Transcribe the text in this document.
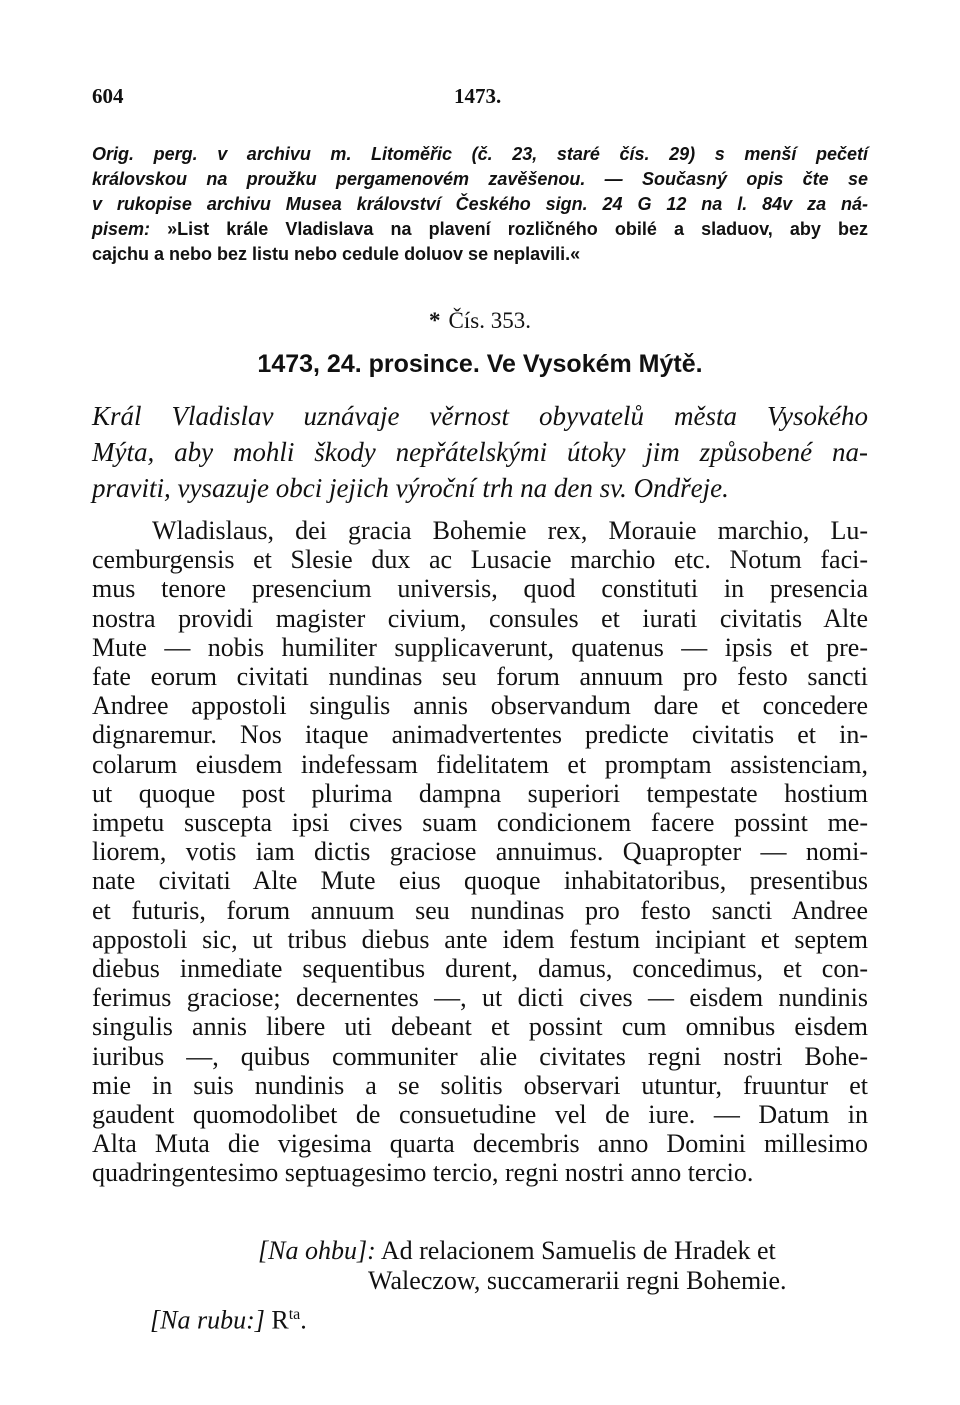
604	1473.
Orig. perg. v archivu m. Litoměřic (č. 23, staré čís. 29) s menší pečetí
královskou na proužku pergamenovém zavěšenou. — Současný opis čte se
v rukopise archivu Musea království Českého sign. 24 G 12 na l. 84v za ná-
pisem: »List krále Vladislava na plavení rozličného obilé a sladuov, aby bez
cajchu a nebo bez listu nebo cedule doluov se neplavili.«
* Čís. 353.
1473, 24. prosince. Ve Vysokém Mýtě.
Král Vladislav uznávaje věrnost obyvatelů města Vysokého
Mýta, aby mohli škody nepřátelskými útoky jim způsobené na-
praviti, vysazuje obci jejich výroční trh na den sv. Ondřeje.
Wladislaus, dei gracia Bohemie rex, Morauie marchio, Lu-
cemburgensis et Slesie dux ac Lusacie marchio etc. Notum faci-
mus tenore presencium universis, quod constituti in presencia
nostra providi magister civium, consules et iurati civitatis Alte
Mute — nobis humiliter supplicaverunt, quatenus — ipsis et pre-
fate eorum civitati nundinas seu forum annuum pro festo sancti
Andree appostoli singulis annis observandum dare et concedere
dignaremur. Nos itaque animadvertentes predicte civitatis et in-
colarum eiusdem indefessam fidelitatem et promptam assistenciam,
ut quoque post plurima dampna superiori tempestate hostium
impetu suscepta ipsi cives suam condicionem facere possint me-
liorem, votis iam dictis graciose annuimus. Quapropter — nomi-
nate civitati Alte Mute eius quoque inhabitatoribus, presentibus
et futuris, forum annuum seu nundinas pro festo sancti Andree
appostoli sic, ut tribus diebus ante idem festum incipiant et septem
diebus inmediate sequentibus durent, damus, concedimus, et con-
ferimus graciose; decernentes —, ut dicti cives — eisdem nundinis
singulis annis libere uti debeant et possint cum omnibus eisdem
iuribus —, quibus communiter alie civitates regni nostri Bohe-
mie in suis nundinis a se solitis observari utuntur, fruuntur et
gaudent quomodolibet de consuetudine vel de iure. — Datum in
Alta Muta die vigesima quarta decembris anno Domini millesimo
quadringentesimo septuagesimo tercio, regni nostri anno tercio.
[Na ohbu]: Ad relacionem Samuelis de Hradek et
Waleczow, succamerarii regni Bohemie.
[Na rubu:] $R^{ta}$.
